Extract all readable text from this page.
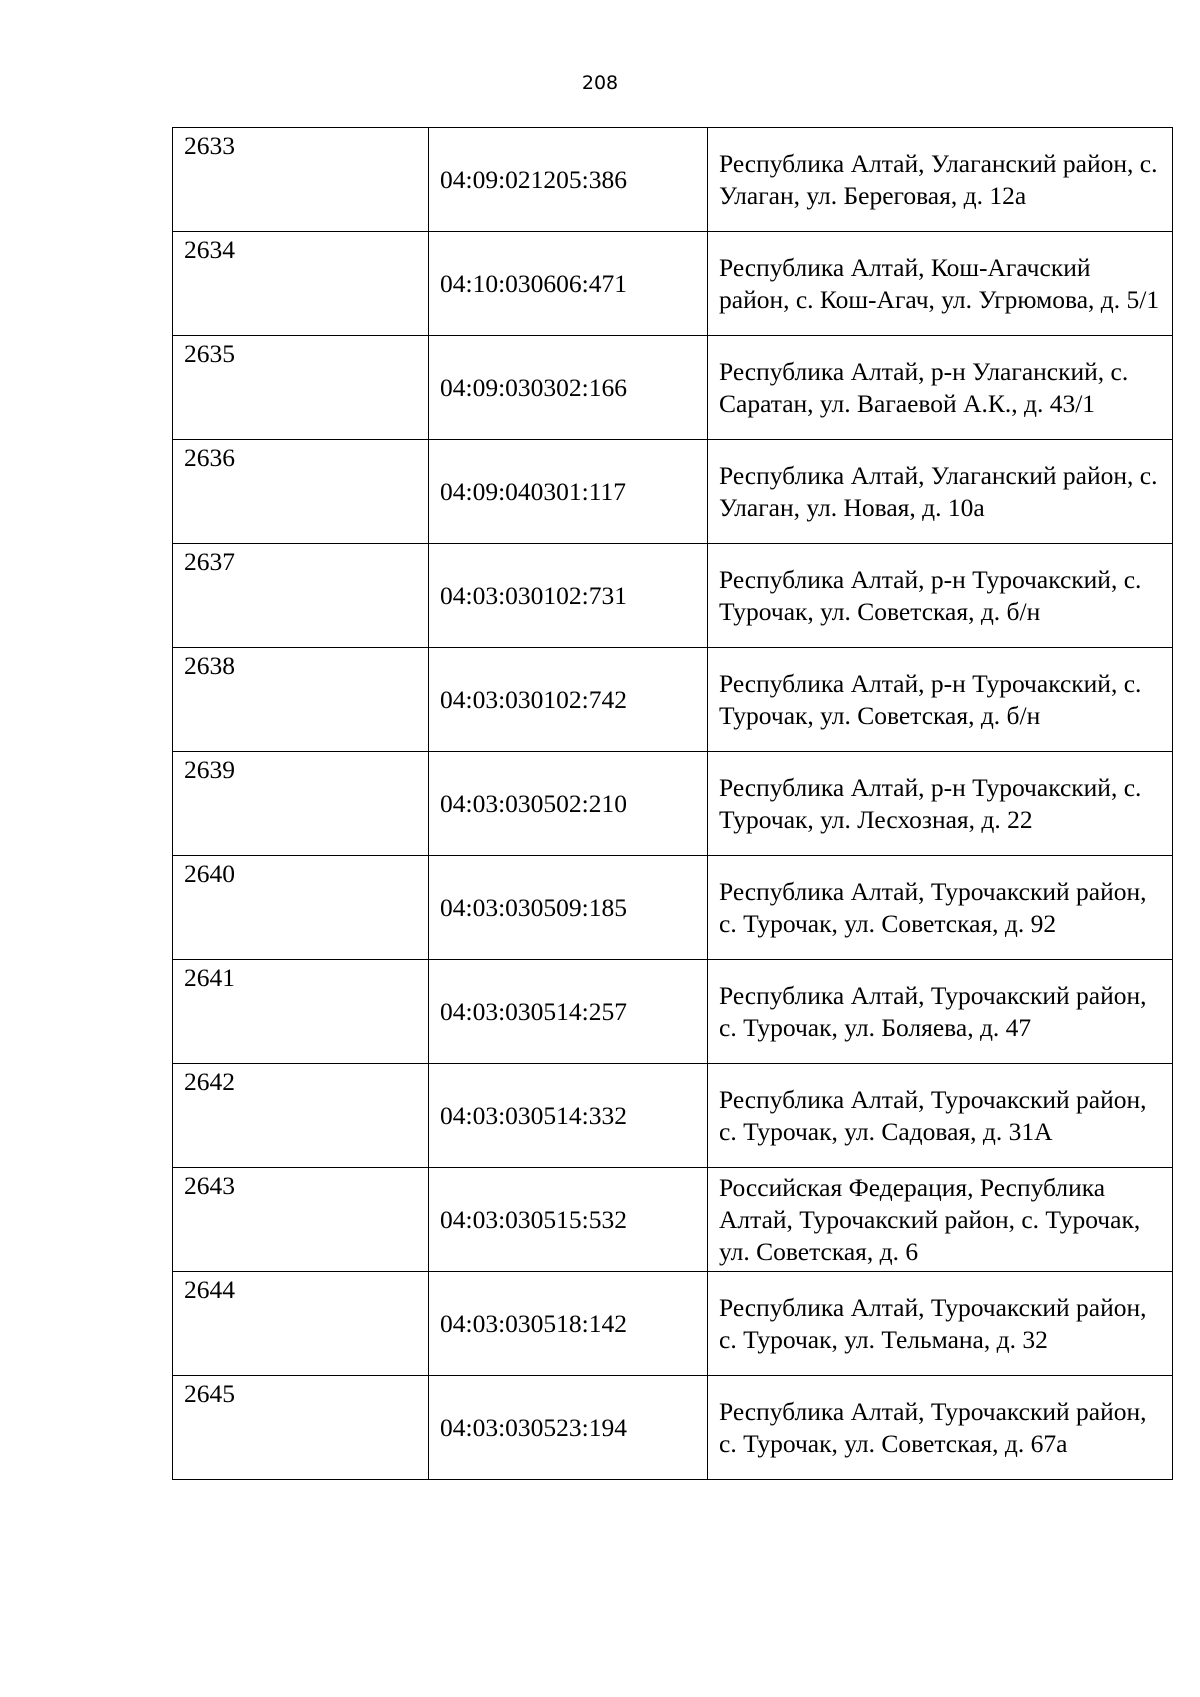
208
2633	04:09:021205:386	Республика Алтай, Улаганский район, с. Улаган, ул. Береговая, д. 12а
2634	04:10:030606:471	Республика Алтай, Кош-Агачский район, с. Кош-Агач, ул. Угрюмова, д. 5/1
2635	04:09:030302:166	Республика Алтай, р-н Улаганский, с. Саратан, ул. Вагаевой А.К., д. 43/1
2636	04:09:040301:117	Республика Алтай, Улаганский район, с. Улаган, ул. Новая, д. 10а
2637	04:03:030102:731	Республика Алтай, р-н Турочакский, с. Турочак, ул. Советская, д. б/н
2638	04:03:030102:742	Республика Алтай, р-н Турочакский, с. Турочак, ул. Советская, д. б/н
2639	04:03:030502:210	Республика Алтай, р-н Турочакский, с. Турочак, ул. Лесхозная, д. 22
2640	04:03:030509:185	Республика Алтай, Турочакский район, с. Турочак, ул. Советская, д. 92
2641	04:03:030514:257	Республика Алтай, Турочакский район, с. Турочак, ул. Боляева, д. 47
2642	04:03:030514:332	Республика Алтай, Турочакский район, с. Турочак, ул. Садовая, д. 31А
2643	04:03:030515:532	Российская Федерация, Республика Алтай, Турочакский район, с. Турочак, ул. Советская, д. 6
2644	04:03:030518:142	Республика Алтай, Турочакский район, с. Турочак, ул. Тельмана, д. 32
2645	04:03:030523:194	Республика Алтай, Турочакский район, с. Турочак, ул. Советская, д. 67а
